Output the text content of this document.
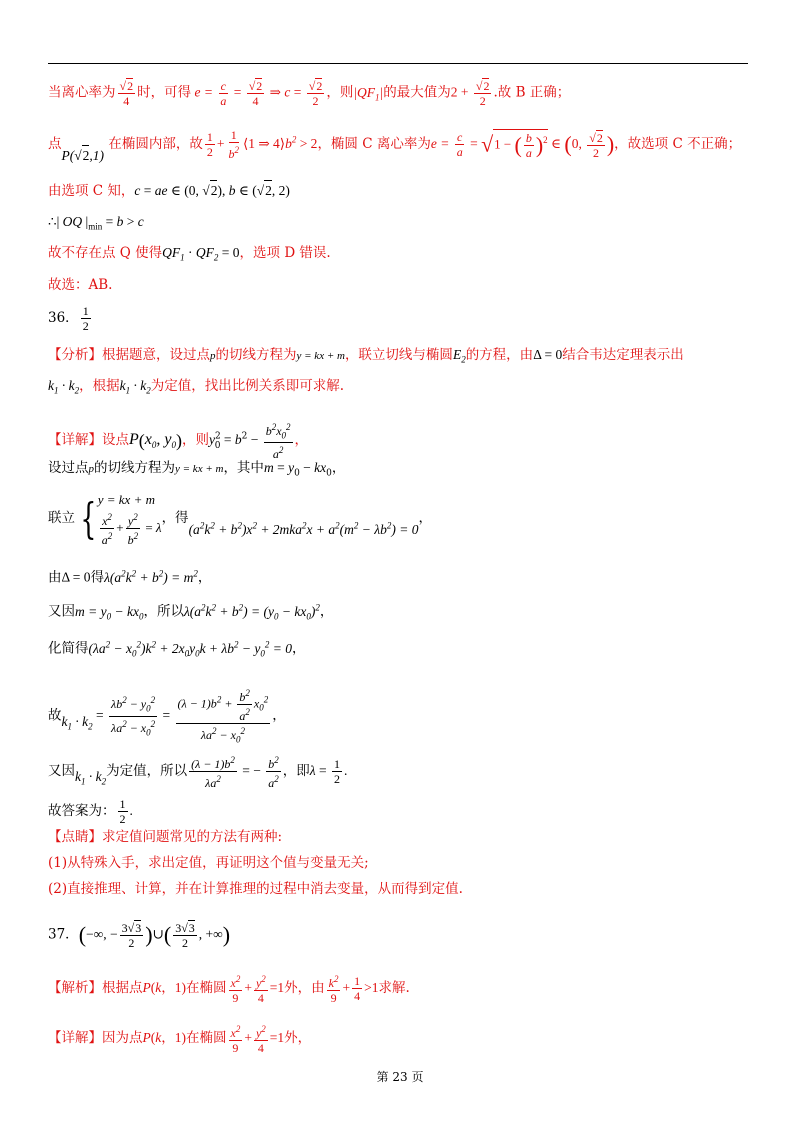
当离心率为 $\frac{√2}{4}$ 时，可得 $e = \frac{c}{a} = \frac{√2}{4}$ ⇒ $c = \frac{√2}{2}$ ，则$|QF_1|$的最大值为$2 + \frac{√2}{2}$ .故 B 正确；
点P(√2,1) 在椭圆内部，故 $\frac{1}{2} + \frac{1}{b^2}$ ⟨1 ⇒ $4⟩b^2 > 2$，椭圆 C 离心率为$e = \frac{c}{a} = √1$ − ( $\frac{b}{a} )^2$ ∈ (0, $\frac{√2}{2}$ )，故选项 C 不正确；
由选项 C 知，c = ae ∈ (0, √2), b ∈ (√2, 2)
∴| OQ $|_{min} = b > c$
故不存在点 Q 使得$QF_1 \cdot QF_2 = 0$，选项 D 错误.
故选：AB.
36． $\frac{1}{2}$
【分析】根据题意，设过点p的切线方程为y = kx + m，联立切线与椭圆$E_2$的方程，由Δ = 0结合韦达定理表示出
$k_1 \cdot k_2$，根据$k_1 \cdot k_2$为定值，找出比例关系即可求解.
【详解】设点$P(x_0$, $y_0$)，则$y^2_0 = b^2 - \frac{b^2x_0^2}{a^2}$ ，
设过点p的切线方程为y = kx + m，其中$m = y_0 - kx_0$，
联立 { y = kx + m
$\frac{x^2}{a^2} + \frac{y^2}{b^2} = \lambda$
，得$(a^2k^2 + b^2)x^2 + 2mka^2x + a^2(m^2 - \lambda b^2) = 0$，
由Δ = 0得$\lambda(a^2k^2 + b^2) = m^2$，
又因$m = y_0 - kx_0$，所以$\lambda(a^2k^2 + b^2) = (y_0 - kx_0)^2$，
化简得$(\lambda a^2 - x_0^2)k^2 + 2x_0y_0k + \lambda b^2 - y_0^2 = 0$，
故$k_1 \cdot k_2 = \frac{\lambda b^2 - y_0^2}{\lambda a^2 - x_0^2} = \frac{(\lambda - 1)b^2 + \frac{b^2}{a^2} x_0^2}{\lambda a^2 - x_0^2}$ ，
又因$k_1 \cdot k_2$为定值，所以 $\frac{(\lambda - 1)b^2}{\lambda a^2}$ = − $\frac{b^2}{a^2}$ ，即$\lambda = \frac{1}{2}$ .
故答案为： $\frac{1}{2}$ .
【点睛】求定值问题常见的方法有两种:
(1)从特殊入手，求出定值，再证明这个值与变量无关;
(2)直接推理、计算，并在计算推理的过程中消去变量，从而得到定值.
37．(−∞, − $\frac{3√3}{2}$ )∪( $\frac{3√3}{2}$ , +∞)
【解析】根据点P(k，1)在椭圆 $\frac{x^2}{9} + \frac{y^2}{4} =1$外，由 $\frac{k^2}{9} + \frac{1}{4} >1$求解.
【详解】因为点P(k，1)在椭圆 $\frac{x^2}{9} + \frac{y^2}{4} =1$外，
第 23 页
